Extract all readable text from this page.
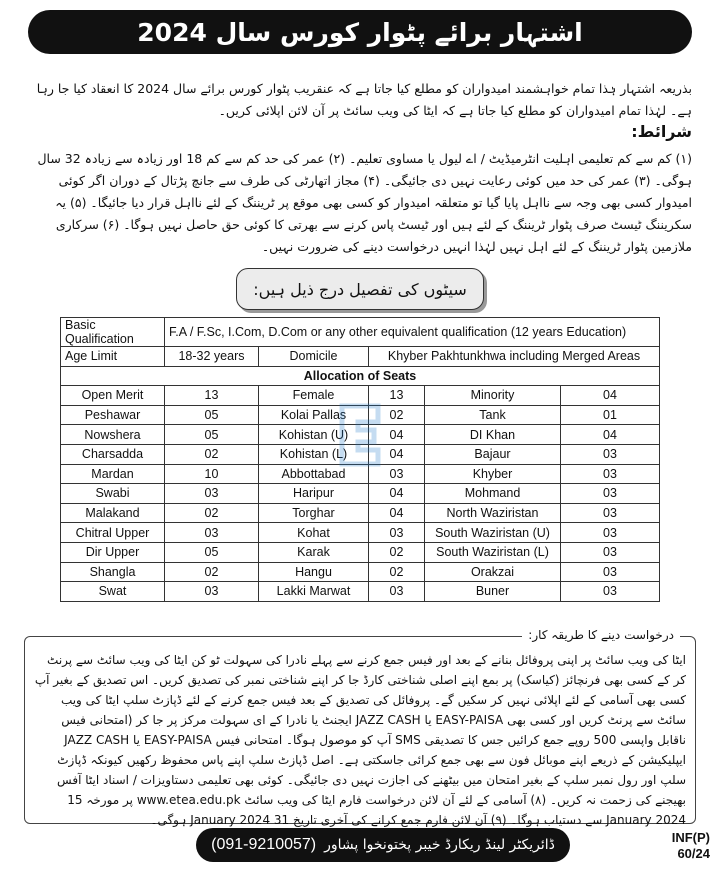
اشتہار برائے پٹوار کورس سال 2024

بذریعہ اشتہار ہٰذا تمام خواہشمند امیدواران کو مطلع کیا جاتا ہے کہ عنقریب پٹوار کورس برائے سال 2024 کا انعقاد کیا جا رہا ہے۔ لہٰذا تمام امیدواران کو مطلع کیا جاتا ہے کہ ایٹا کی ویب سائٹ پر آن لائن اپلائی کریں۔

شرائط:

(۱) کم سے کم تعلیمی اہلیت انٹرمیڈیٹ / اے لیول یا مساوی تعلیم۔ (۲) عمر کی حد کم سے کم 18 اور زیادہ سے زیادہ 32 سال ہوگی۔ (۳) عمر کی حد میں کوئی رعایت نہیں دی جائیگی۔ (۴) مجاز اتھارٹی کی طرف سے جانچ پڑتال کے دوران اگر کوئی امیدوار کسی بھی وجہ سے نااہل پایا گیا تو متعلقہ امیدوار کو کسی بھی موقع پر ٹریننگ کے لئے نااہل قرار دیا جائیگا۔ (۵) یہ سکریننگ ٹیسٹ صرف پٹوار ٹریننگ کے لئے ہیں اور ٹیسٹ پاس کرنے سے بھرتی کا کوئی حق حاصل نہیں ہوگا۔ (۶) سرکاری ملازمین پٹوار ٹریننگ کے لئے اہل نہیں لہٰذا انہیں درخواست دینے کی ضرورت نہیں۔

سیٹوں کی تفصیل درج ذیل ہیں:
Basic Qualification	F.A / F.Sc, I.Com, D.Com or any other equivalent qualification (12 years Education)				
Age Limit	18-32 years	Domicile	Khyber Pakhtunkhwa including Merged Areas		
Allocation of Seats					
Open Merit	13	Female	13	Minority	04
Peshawar	05	Kolai Pallas	02	Tank	01
Nowshera	05	Kohistan (U)	04	DI Khan	04
Charsadda	02	Kohistan (L)	04	Bajaur	03
Mardan	10	Abbottabad	03	Khyber	03
Swabi	03	Haripur	04	Mohmand	03
Malakand	02	Torghar	04	North Waziristan	03
Chitral Upper	03	Kohat	03	South Waziristan (U)	03
Dir Upper	05	Karak	02	South Waziristan (L)	03
Shangla	02	Hangu	02	Orakzai	03
Swat	03	Lakki Marwat	03	Buner	03
درخواست دینے کا طریقہ کار:

ایٹا کی ویب سائٹ پر اپنی پروفائل بنانے کے بعد اور فیس جمع کرنے سے پہلے نادرا کی سہولت ٹو کن ایٹا کی ویب سائٹ سے پرنٹ کر کے کسی بھی فرنچائز (کیاسک) پر بمع اپنے اصلی شناختی کارڈ جا کر اپنے شناختی نمبر کی تصدیق کریں۔ اس تصدیق کے بغیر آپ کسی بھی آسامی کے لئے اپلائی نہیں کر سکیں گے۔ پروفائل کی تصدیق کے بعد فیس جمع کرنے کے لئے ڈپازٹ سلپ ایٹا کی ویب سائٹ سے پرنٹ کریں اور کسی بھی EASY-PAISA یا JAZZ CASH ایجنٹ یا نادرا کے ای سہولت مرکز پر جا کر (امتحانی فیس ناقابل واپسی 500 روپے جمع کرائیں جس کا تصدیقی SMS آپ کو موصول ہوگا۔ امتحانی فیس EASY-PAISA یا JAZZ CASH ایپلیکیشن کے ذریعے اپنے موبائل فون سے بھی جمع کرائی جاسکتی ہے۔ اصل ڈپازٹ سلپ اپنے پاس محفوظ رکھیں کیونکہ ڈپازٹ سلپ اور رول نمبر سلپ کے بغیر امتحان میں بیٹھنے کی اجازت نہیں دی جائیگی۔ کوئی بھی تعلیمی دستاویزات / اسناد ایٹا آفس بھیجنے کی زحمت نہ کریں۔ (۸) آسامی کے لئے آن لائن درخواست فارم ایٹا کی ویب سائٹ www.etea.edu.pk پر مورخہ 15 January 2024 سے دستیاب ہوگا۔ (۹) آن لائن فارم جمع کرانے کی آخری تاریخ 31 January 2024 ہوگی۔

ڈائریکٹر لینڈ ریکارڈ خیبر پختونخوا پشاور
(091-9210057)	INF(P)
60/24
